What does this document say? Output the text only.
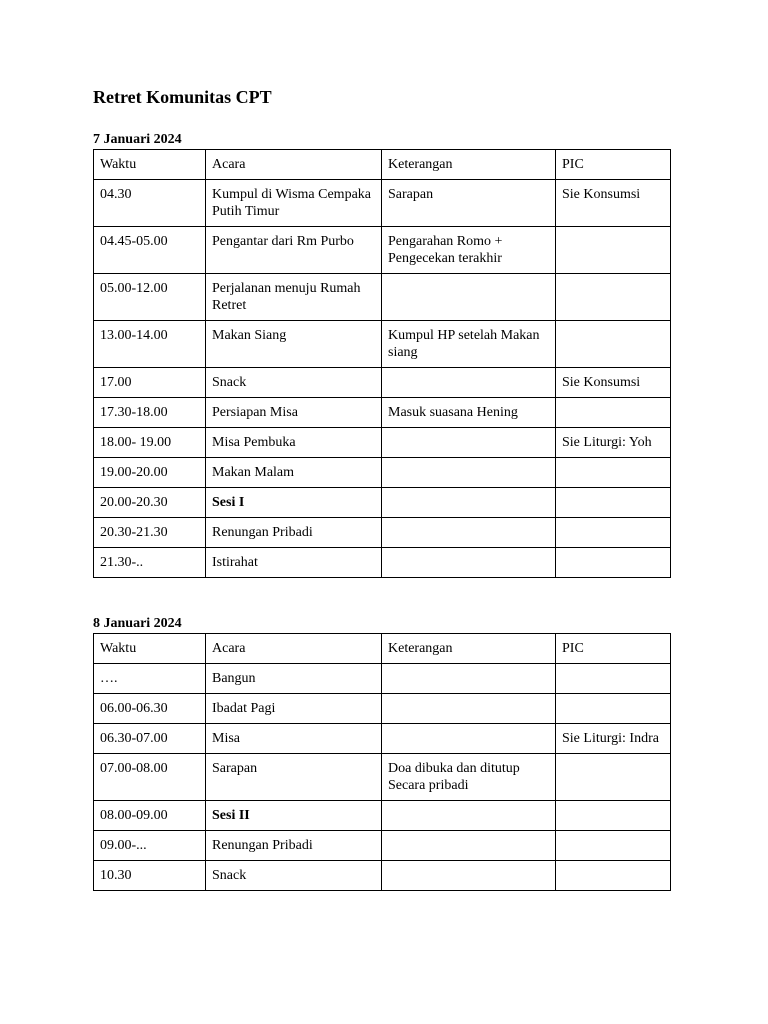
Retret Komunitas CPT
7 Januari 2024
Waktu	Acara	Keterangan	PIC
04.30	Kumpul di Wisma Cempaka Putih Timur	Sarapan	Sie Konsumsi
04.45-05.00	Pengantar dari Rm Purbo	Pengarahan Romo + Pengecekan terakhir	
05.00-12.00	Perjalanan menuju Rumah Retret		
13.00-14.00	Makan Siang	Kumpul HP setelah Makan siang	
17.00	Snack		Sie Konsumsi
17.30-18.00	Persiapan Misa	Masuk suasana Hening	
18.00- 19.00	Misa Pembuka		Sie Liturgi: Yoh
19.00-20.00	Makan Malam		
20.00-20.30	Sesi I		
20.30-21.30	Renungan Pribadi		
21.30-..	Istirahat		
8 Januari 2024
Waktu	Acara	Keterangan	PIC
….	Bangun		
06.00-06.30	Ibadat Pagi		
06.30-07.00	Misa		Sie Liturgi: Indra
07.00-08.00	Sarapan	Doa dibuka dan ditutup Secara pribadi	
08.00-09.00	Sesi II		
09.00-...	Renungan Pribadi		
10.30	Snack		
